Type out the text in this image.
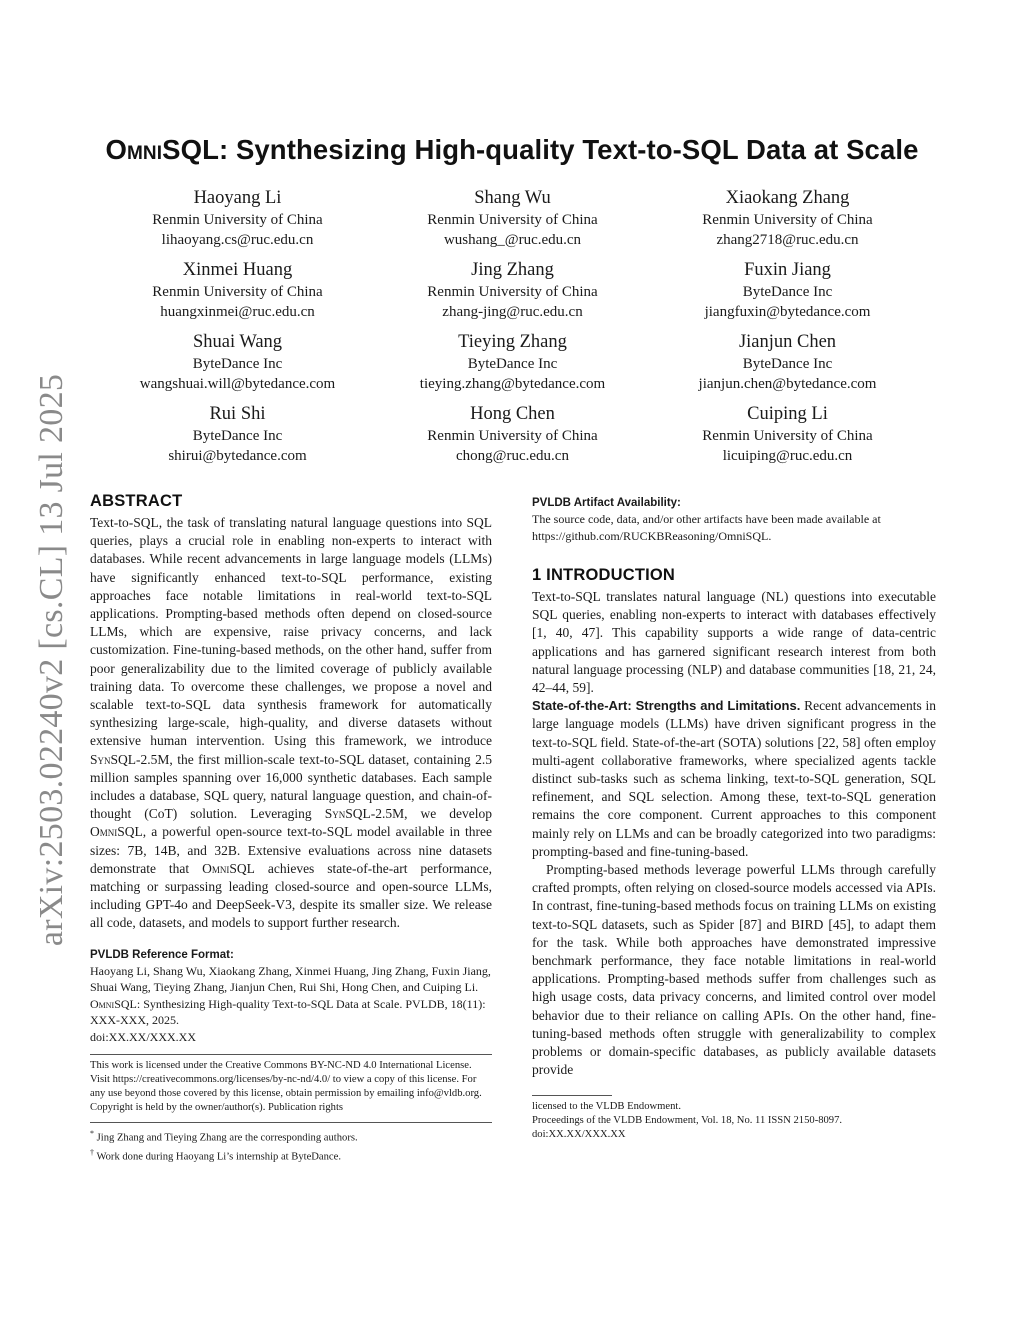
arXiv:2503.02240v2 [cs.CL] 13 Jul 2025
OmniSQL: Synthesizing High-quality Text-to-SQL Data at Scale
Haoyang Li
Renmin University of China
lihaoyang.cs@ruc.edu.cn
Shang Wu
Renmin University of China
wushang_@ruc.edu.cn
Xiaokang Zhang
Renmin University of China
zhang2718@ruc.edu.cn
Xinmei Huang
Renmin University of China
huangxinmei@ruc.edu.cn
Jing Zhang
Renmin University of China
zhang-jing@ruc.edu.cn
Fuxin Jiang
ByteDance Inc
jiangfuxin@bytedance.com
Shuai Wang
ByteDance Inc
wangshuai.will@bytedance.com
Tieying Zhang
ByteDance Inc
tieying.zhang@bytedance.com
Jianjun Chen
ByteDance Inc
jianjun.chen@bytedance.com
Rui Shi
ByteDance Inc
shirui@bytedance.com
Hong Chen
Renmin University of China
chong@ruc.edu.cn
Cuiping Li
Renmin University of China
licuiping@ruc.edu.cn
ABSTRACT

Text-to-SQL, the task of translating natural language questions into SQL queries, plays a crucial role in enabling non-experts to interact with databases. While recent advancements in large language models (LLMs) have significantly enhanced text-to-SQL performance, existing approaches face notable limitations in real-world text-to-SQL applications. Prompting-based methods often depend on closed-source LLMs, which are expensive, raise privacy concerns, and lack customization. Fine-tuning-based methods, on the other hand, suffer from poor generalizability due to the limited coverage of publicly available training data. To overcome these challenges, we propose a novel and scalable text-to-SQL data synthesis framework for automatically synthesizing large-scale, high-quality, and diverse datasets without extensive human intervention. Using this framework, we introduce SynSQL-2.5M, the first million-scale text-to-SQL dataset, containing 2.5 million samples spanning over 16,000 synthetic databases. Each sample includes a database, SQL query, natural language question, and chain-of-thought (CoT) solution. Leveraging SynSQL-2.5M, we develop OmniSQL, a powerful open-source text-to-SQL model available in three sizes: 7B, 14B, and 32B. Extensive evaluations across nine datasets demonstrate that OmniSQL achieves state-of-the-art performance, matching or surpassing leading closed-source and open-source LLMs, including GPT-4o and DeepSeek-V3, despite its smaller size. We release all code, datasets, and models to support further research.

PVLDB Reference Format:

Haoyang Li, Shang Wu, Xiaokang Zhang, Xinmei Huang, Jing Zhang, Fuxin Jiang, Shuai Wang, Tieying Zhang, Jianjun Chen, Rui Shi, Hong Chen, and Cuiping Li. OmniSQL: Synthesizing High-quality Text-to-SQL Data at Scale. PVLDB, 18(11): XXX-XXX, 2025.

doi:XX.XX/XXX.XX

This work is licensed under the Creative Commons BY-NC-ND 4.0 International License. Visit https://creativecommons.org/licenses/by-nc-nd/4.0/ to view a copy of this license. For any use beyond those covered by this license, obtain permission by emailing info@vldb.org. Copyright is held by the owner/author(s). Publication rights

* Jing Zhang and Tieying Zhang are the corresponding authors.

† Work done during Haoyang Li’s internship at ByteDance.

PVLDB Artifact Availability:

The source code, data, and/or other artifacts have been made available at https://github.com/RUCKBReasoning/OmniSQL.

1 INTRODUCTION

Text-to-SQL translates natural language (NL) questions into executable SQL queries, enabling non-experts to interact with databases effectively [1, 40, 47]. This capability supports a wide range of data-centric applications and has garnered significant research interest from both natural language processing (NLP) and database communities [18, 21, 24, 42–44, 59].

State-of-the-Art: Strengths and Limitations. Recent advancements in large language models (LLMs) have driven significant progress in the text-to-SQL field. State-of-the-art (SOTA) solutions [22, 58] often employ multi-agent collaborative frameworks, where specialized agents tackle distinct sub-tasks such as schema linking, text-to-SQL generation, SQL refinement, and SQL selection. Among these, text-to-SQL generation remains the core component. Current approaches to this component mainly rely on LLMs and can be broadly categorized into two paradigms: prompting-based and fine-tuning-based.

Prompting-based methods leverage powerful LLMs through carefully crafted prompts, often relying on closed-source models accessed via APIs. In contrast, fine-tuning-based methods focus on training LLMs on existing text-to-SQL datasets, such as Spider [87] and BIRD [45], to adapt them for the task. While both approaches have demonstrated impressive benchmark performance, they face notable limitations in real-world applications. Prompting-based methods suffer from challenges such as high usage costs, data privacy concerns, and limited control over model behavior due to their reliance on calling APIs. On the other hand, fine-tuning-based methods often struggle with generalizability to complex problems or domain-specific databases, as publicly available datasets provide

licensed to the VLDB Endowment.

Proceedings of the VLDB Endowment, Vol. 18, No. 11 ISSN 2150-8097.

doi:XX.XX/XXX.XX
